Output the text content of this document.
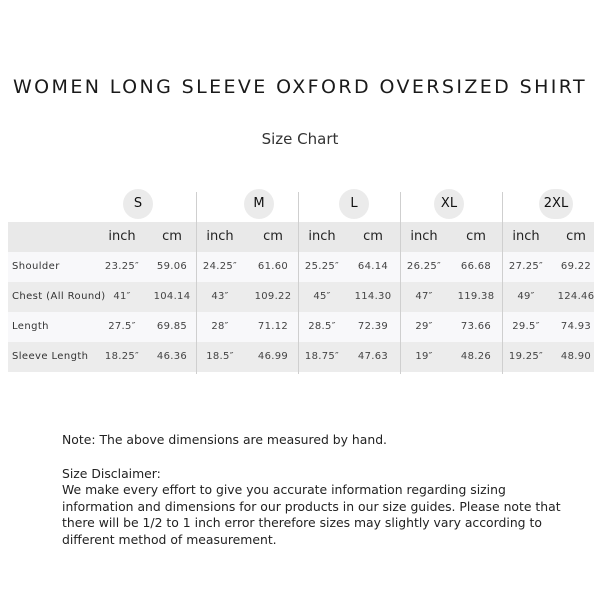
WOMEN LONG SLEEVE OXFORD OVERSIZED SHIRT
Size Chart
S	M	L	XL	2XL
inch	cm	inch	cm	inch	cm	inch	cm	inch	cm
Shoulder	23.25″	59.06	24.25″	61.60	25.25″	64.14	26.25″	66.68	27.25″	69.22
Chest (All Round) 41″	104.14	43″	109.22	45″	114.30	47″	119.38	49″	124.46
Length	27.5″	69.85	28″	71.12	28.5″	72.39	29″	73.66	29.5″	74.93
Sleeve Length 18.25″	46.36	18.5″	46.99	18.75″	47.63	19″	48.26	19.25″	48.90

Note: The above dimensions are measured by hand.

Size Disclaimer:

We make every effort to give you accurate information regarding sizing information and dimensions for our products in our size guides. Please note that there will be 1/2 to 1 inch error therefore sizes may slightly vary according to different method of measurement.
